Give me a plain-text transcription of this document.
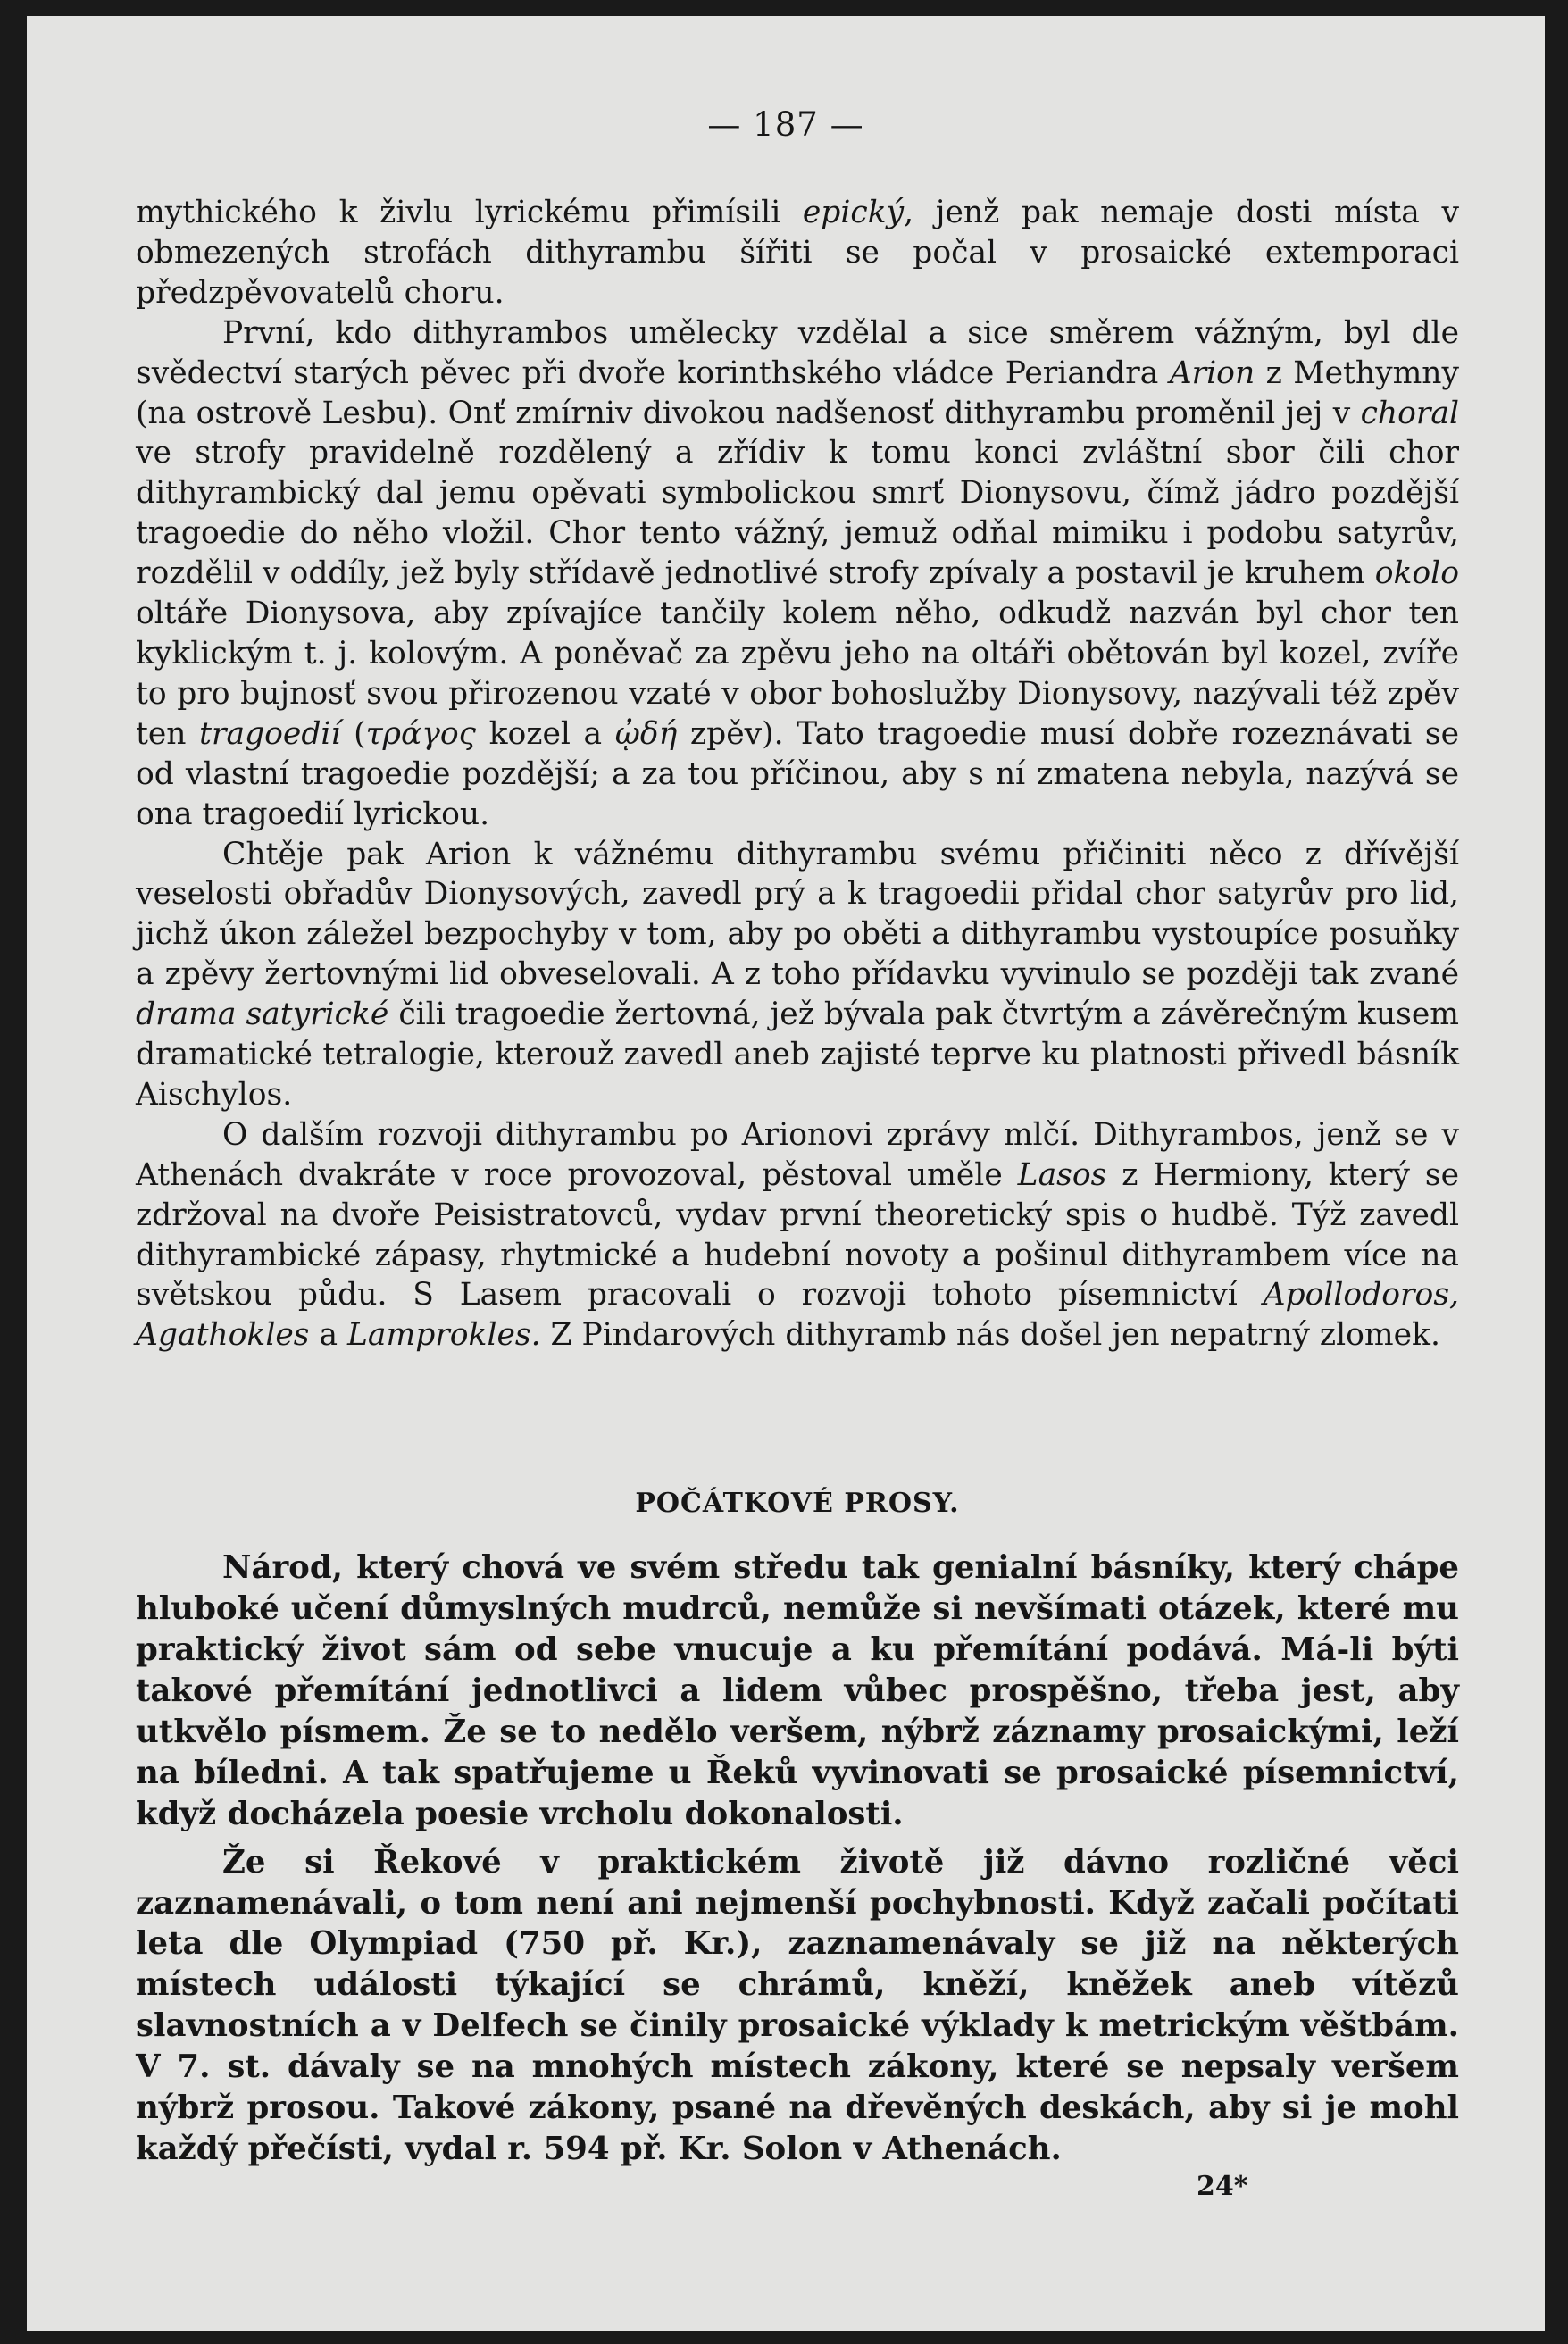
— 187 —

mythického k živlu lyrickému přimísili epický, jenž pak nemaje dosti místa v obmezených strofách dithyrambu šířiti se počal v prosaické extemporaci předzpěvovatelů choru.

První, kdo dithyrambos umělecky vzdělal a sice směrem vážným, byl dle svědectví starých pěvec při dvoře korinthského vládce Periandra Arion z Methymny (na ostrově Lesbu). Onť zmírniv divokou nadšenosť dithyrambu proměnil jej v choral ve strofy pravidelně rozdělený a zřídiv k tomu konci zvláštní sbor čili chor dithyrambický dal jemu opěvati symbolickou smrť Dionysovu, čímž jádro pozdější tragoedie do něho vložil. Chor tento vážný, jemuž odňal mimiku i podobu satyrův, rozdělil v oddíly, jež byly střídavě jednotlivé strofy zpívaly a postavil je kruhem okolo oltáře Dionysova, aby zpívajíce tančily kolem něho, odkudž nazván byl chor ten kyklickým t. j. kolovým. A poněvač za zpěvu jeho na oltáři obětován byl kozel, zvíře to pro bujnosť svou přirozenou vzaté v obor bohoslužby Dionysovy, nazývali též zpěv ten tragoedií (τράγος kozel a ᾠδή zpěv). Tato tragoedie musí dobře rozeznávati se od vlastní tragoedie pozdější; a za tou příčinou, aby s ní zmatena nebyla, nazývá se ona tragoedií lyrickou.

Chtěje pak Arion k vážnému dithyrambu svému přičiniti něco z dřívější veselosti obřadův Dionysových, zavedl prý a k tragoedii přidal chor satyrův pro lid, jichž úkon záležel bezpochyby v tom, aby po oběti a dithyrambu vystoupíce posuňky a zpěvy žertovnými lid obveselovali. A z toho přídavku vyvinulo se později tak zvané drama satyrické čili tragoedie žertovná, jež bývala pak čtvrtým a závěrečným kusem dramatické tetralogie, kterouž zavedl aneb zajisté teprve ku platnosti přivedl básník Aischylos.

O dalším rozvoji dithyrambu po Arionovi zprávy mlčí. Dithyrambos, jenž se v Athenách dvakráte v roce provozoval, pěstoval uměle Lasos z Hermiony, který se zdržoval na dvoře Peisistratovců, vydav první theoretický spis o hudbě. Týž zavedl dithyrambické zápasy, rhytmické a hudební novoty a pošinul dithyrambem více na světskou půdu. S Lasem pracovali o rozvoji tohoto písemnictví Apollodoros, Agathokles a Lamprokles. Z Pindarových dithyramb nás došel jen nepatrný zlomek.

POČÁTKOVÉ PROSY.

Národ, který chová ve svém středu tak genialní básníky, který chápe hluboké učení důmyslných mudrců, nemůže si nevšímati otázek, které mu praktický život sám od sebe vnucuje a ku přemítání podává. Má-li býti takové přemítání jednotlivci a lidem vůbec prospěšno, třeba jest, aby utkvělo písmem. Že se to nedělo veršem, nýbrž záznamy prosaickými, leží na bíledni. A tak spatřujeme u Řeků vyvinovati se prosaické písemnictví, když docházela poesie vrcholu dokonalosti.

Že si Řekové v praktickém životě již dávno rozličné věci zaznamenávali, o tom není ani nejmenší pochybnosti. Když začali počítati leta dle Olympiad (750 př. Kr.), zaznamenávaly se již na některých místech události týkající se chrámů, kněží, kněžek aneb vítězů slavnostních a v Delfech se činily prosaické výklady k metrickým věštbám. V 7. st. dávaly se na mnohých místech zákony, které se nepsaly veršem nýbrž prosou. Takové zákony, psané na dřevěných deskách, aby si je mohl každý přečísti, vydal r. 594 př. Kr. Solon v Athenách.

24*
